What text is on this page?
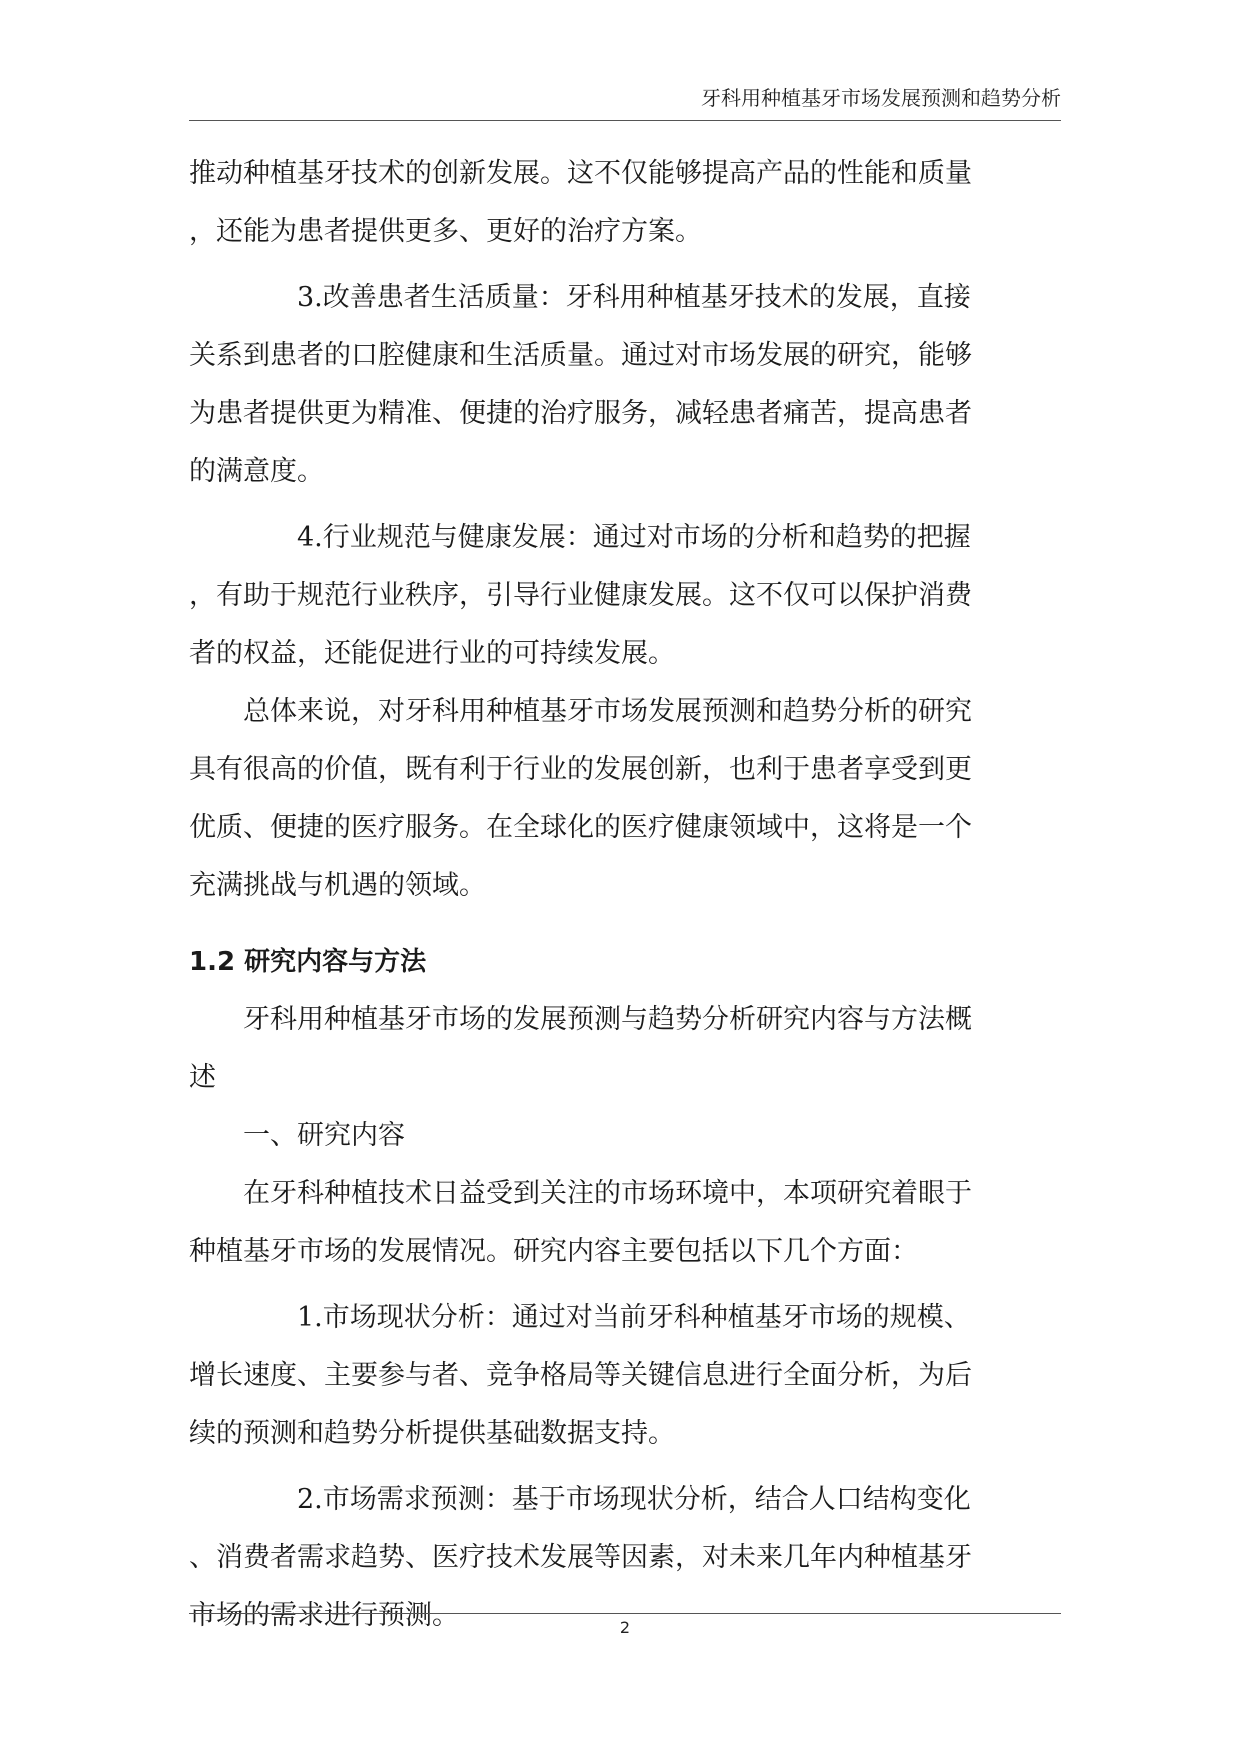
牙科用种植基牙市场发展预测和趋势分析
推动种植基牙技术的创新发展。这不仅能够提高产品的性能和质量
，还能为患者提供更多、更好的治疗方案。
3.改善患者生活质量：牙科用种植基牙技术的发展，直接
关系到患者的口腔健康和生活质量。通过对市场发展的研究，能够
为患者提供更为精准、便捷的治疗服务，减轻患者痛苦，提高患者
的满意度。
4.行业规范与健康发展：通过对市场的分析和趋势的把握
，有助于规范行业秩序，引导行业健康发展。这不仅可以保护消费
者的权益，还能促进行业的可持续发展。
总体来说，对牙科用种植基牙市场发展预测和趋势分析的研究
具有很高的价值，既有利于行业的发展创新，也利于患者享受到更
优质、便捷的医疗服务。在全球化的医疗健康领域中，这将是一个
充满挑战与机遇的领域。
1.2 研究内容与方法
牙科用种植基牙市场的发展预测与趋势分析研究内容与方法概
述
一、研究内容
在牙科种植技术日益受到关注的市场环境中，本项研究着眼于
种植基牙市场的发展情况。研究内容主要包括以下几个方面：
1.市场现状分析：通过对当前牙科种植基牙市场的规模、
增长速度、主要参与者、竞争格局等关键信息进行全面分析，为后
续的预测和趋势分析提供基础数据支持。
2.市场需求预测：基于市场现状分析，结合人口结构变化
、消费者需求趋势、医疗技术发展等因素，对未来几年内种植基牙
市场的需求进行预测。	2
